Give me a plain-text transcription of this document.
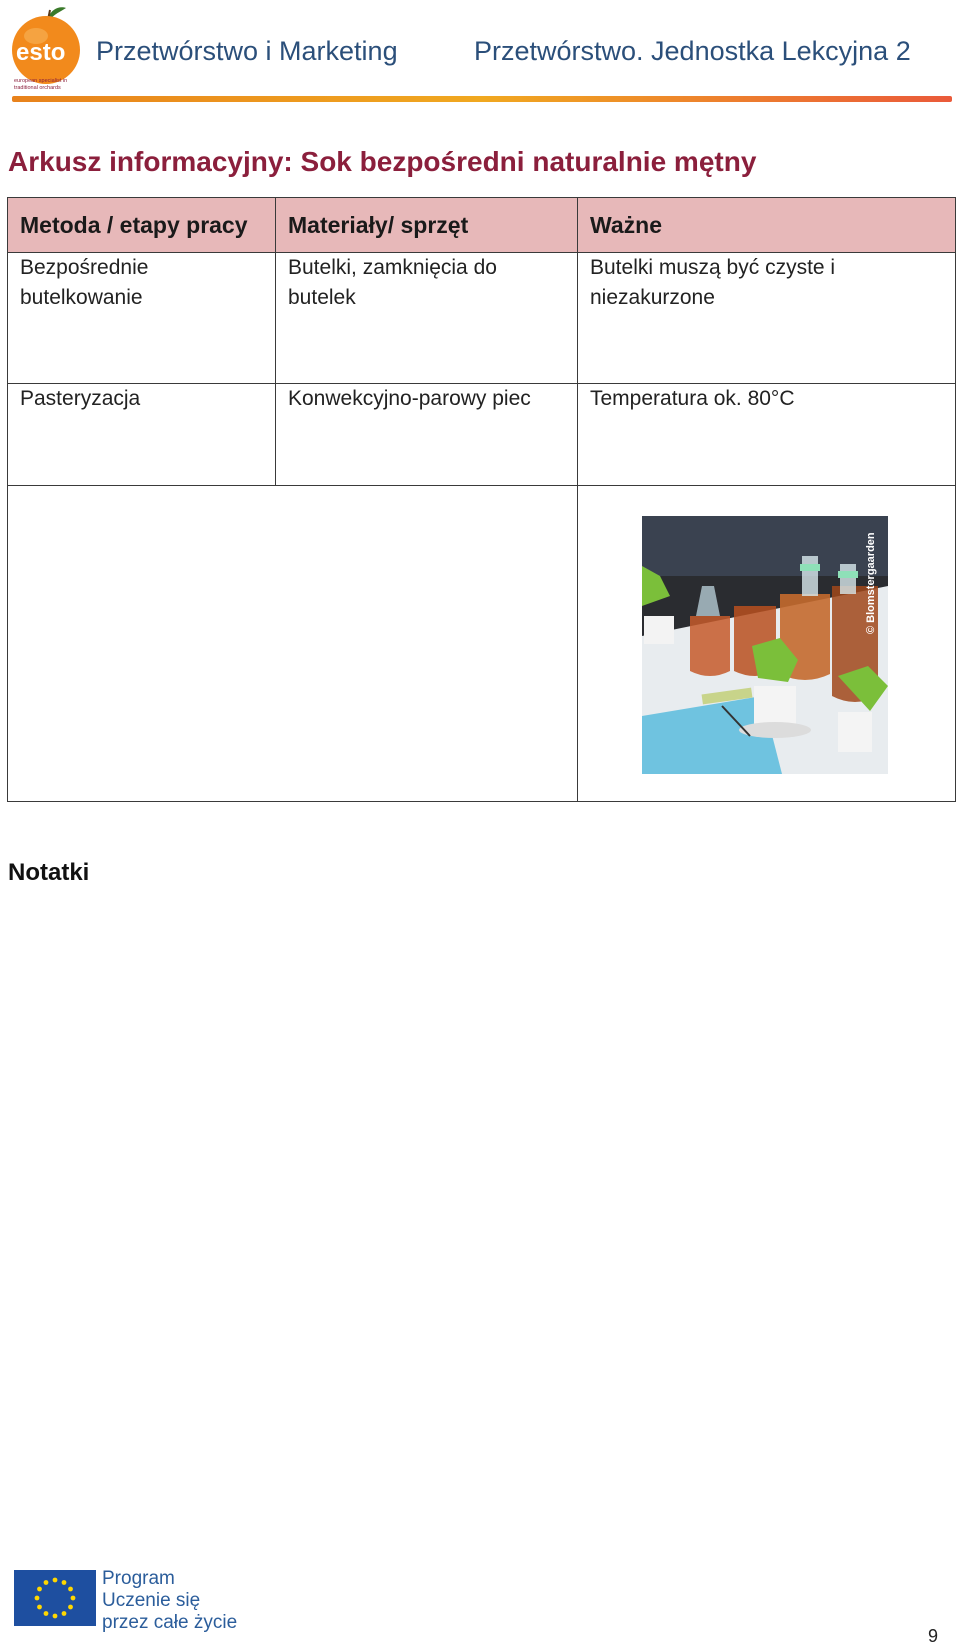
esto
european specialist in
traditional orchards
Przetwórstwo i Marketing	Przetwórstwo. Jednostka Lekcyjna 2
Arkusz informacyjny: Sok bezpośredni naturalnie mętny
Metoda / etapy pracy	Materiały/ sprzęt	Ważne
Bezpośrednie butelkowanie	Butelki, zamknięcia do butelek	Butelki muszą być czyste i niezakurzone
Pasteryzacja	Konwekcyjno-parowy piec	Temperatura ok. 80°C

		© Blomstergaarden
Notatki
Program
Uczenie się
przez całe życie
9
